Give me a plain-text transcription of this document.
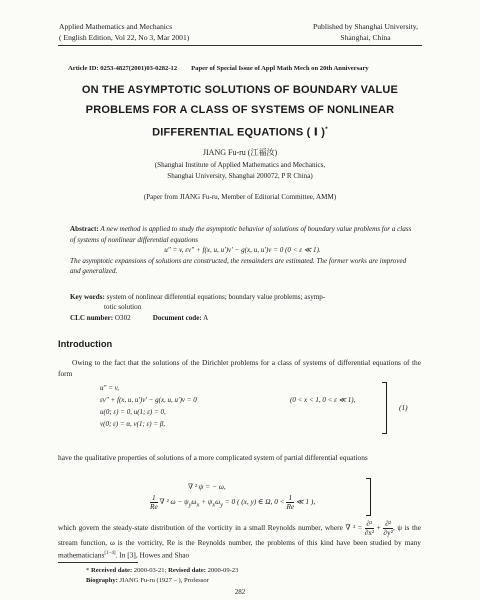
Applied Mathematics and Mechanics
( English Edition, Vol 22, No 3, Mar 2001)
Published by Shanghai University,
Shanghai, China
Article ID: 0253-4827(2001)03-0282-12 Paper of Special Issue of Appl Math Mech on 20th Anniversary
ON THE ASYMPTOTIC SOLUTIONS OF BOUNDARY VALUE
PROBLEMS FOR A CLASS OF SYSTEMS OF NONLINEAR
DIFFERENTIAL EQUATIONS ( Ⅰ )*
JIANG Fu-ru (江福汝)
(Shanghai Institute of Applied Mathematics and Mechanics,
Shanghai University, Shanghai 200072, P R China)
(Paper from JIANG Fu-ru, Member of Editorial Committee, AMM)
Abstract: A new method is applied to study the asymptotic behavior of solutions of boundary value problems for a class of systems of nonlinear differential equations
u″ = v, εv″ + f(x, u, u′)v′ − g(x, u, u′)v = 0 (0 < ε ≪ 1).
The asymptotic expansions of solutions are constructed, the remainders are estimated. The former works are improved and generalized.
Key words: system of nonlinear differential equations; boundary value problems; asymp-
totic solution
CLC number: O302	Document code: A
Introduction
Owing to the fact that the solutions of the Dirichlet problems for a class of systems of differential equations of the form
u″ = v,
εv″ + f(x, u, u′)v′ − g(x, u, u′)v = 0	(0 < x < 1, 0 < ε ≪ 1),
u(0; ε) = 0, u(1; ε) = 0,
v(0; ε) = α, v(1; ε) = β,
(1)
have the qualitative properties of solutions of a more complicated system of partial differential equations
∇ ² ψ = − ω,
$\frac{1}{Re}$ ∇ ² $\omega - \psi_y\omega_x + \psi_x\omega_y = 0$ ( (x, y) ∈ Ω, $0 < \frac{1}{Re}$ ≪ 1 ),
which govern the steady-state distribution of the vorticity in a small Reynolds number, where ∇ $^2 = \frac{\text{∂²}}{\text{∂x²}} + \frac{\text{∂²}}{\text{∂y²}}$ , ψ is the stream function, ω is the vorticity, Re is the Reynolds number, the problems of this kind have been studied by many mathematicians[1−4]. In [3], Howes and Shao
* Received date: 2000-03-21; Revised date: 2000-09-23
Biography: JIANG Fu-ru (1927 – ), Professor
282
